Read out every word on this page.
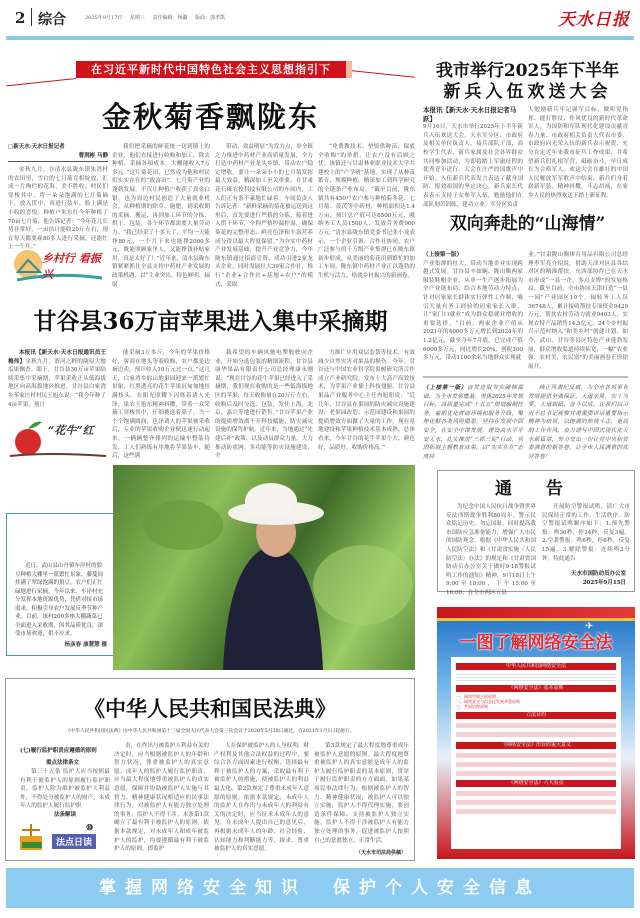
2 综合	2025年9月17日 星期三 责任编辑：杨疆 版面：郭孝凯	天水日报
在习近平新时代中国特色社会主义思想指引下
金秋菊香飘陇东
□新天水·天水日报记者
曹润彬 马静
金秋九月，在清水县陇东镇朱湾村的农田里，雪白的七月菊竞相绽放，汇成一片绚烂的花海，美不胜收。村民们穿梭其中，将一朵朵饱满的七月菊摘下，放入筐中，再进行装车。脸上满是丰收的喜悦。种植户朱东红今年种植了70亩七月菊，他告诉记者：“今年花儿长势非常好，一亩估计能收20斤左右，现在每天都要雇80多人进行采摘，还能忙上一个月。”
乡村行 看振兴
我们把采摘的鲜花统一送到镇上的企业，他们直接进行收购和加工，除去种植、采摘各项成本，大概能收入7万多元。”这片菊花田，已然成为他和村民们实实在在的“致富田”。七月菊产业的蓬勃发展，不仅让种植户收获了真金白银，也为周边村民创造了大量就业机会。从种植期的除草、施肥，到采收期的采摘、搬运，再到加工环节的分拣、烘干、包装，各个环节都需要大量劳动力。“我已经采了十多天了，平均一天能挣80元，一个月下来也能挣2000多元，既能照顾家里人，又能挣钱补贴家用，真是太好了！”近年来，清水县陇东镇紧紧抓住全县支持中药材产业发展的政策机遇，以“主业突出、特色鲜明、辐射
带动、效益明显”为发力点，举全镇之力推进中药材产业高质量发展，全力打造中药材产业龙头乡镇，带动农户稳定增收。要让一朵朵小小的七月菊发挥最大效益，精深加工至关重要。在甘肃花石缘农牧科技有限公司的车间内，工人们正有条不紊地忙碌着。车间负责人告诉记者：“新鲜采摘的菊花被运送到这里后，首先要进行严格的分拣，接着进入烘干环节，全程严格控温控湿，确保菊花的完整形态、鲜亮色泽和丰富营养成分得以最大程度保留。”为夯实中药材产业发展基础，提升产业竞争力，今年陇东镇通过招商引资，成功引进2家龙头企业，同时发展壮大39家合作社，推行“企业+合作社+基地+农户”的模式，采取
“免费教技术、垫资供种苗、保底全收购”的举措，让农户没有后顾之忧。该镇还与甘肃林业职业技术大学共建校上的“产学研”基地，实现了从种苗繁育、规模种植、精深加工到科学研究的全链条产业布局。“截至目前，陇东镇共有450户农户参与种植菊冬花、七月菊、黄芪等中药材，种植面积达1.4万亩，预计总产值可达6500万元，吸纳务工人员1500人，发放劳务费900万元。”清水县陇东镇党委书记张小龙表示，一个企业引领、合作社协同、农户广泛参与的千万级产业集群已在陇东镇初步形成。从美丽的菊花田到繁忙的加工车间，陇东镇中药材产业正以蓬勃的生机与活力，绘就乡村振兴的新画卷。
甘谷县36万亩苹果进入集中采摘期
本报讯【新天水·天水日报通讯员王梅伟】金秋九月，渭河之畔的陇原大地瓜果飘香。眼下，甘谷县36万亩苹果陆续采集中采摘期，苹果采收正从低海拔地区向高海拔地区推进。甘谷县白家湾乡苯家庄村村民王旭东说：“我今年种了4亩苹果，预计
“花牛”红
能采摘3万多斤，今年的苹果价格好，客商在地头等着收购，农户都是边摘边卖，预计收入10万元过一点。”这几天，白家湾乡的山地果园迎来一派繁忙景象，红黑透亮的花牛苹果沉甸甸地挂满枝头。在阳光照耀下闪烁着诱人光泽，果农王旭东精神抖擞，带着一众采摘工穿梭其中，仔细挑选着果子。当一个个饱满圆润、色泽诱人的苹果被采收后，专业的苹果收购企业便迅速行动起来，一辆辆整齐排列的运输车整装待发，工人们熟练有序地将苹果装车，随后，这些满
载希望的车辆风驰电掣般驶向企业，开始分选包装的精细流程。甘谷县康华果品有限责任公司总经理康永刚说：“现在甘谷的花牛苹果已经进入了采摘期，我们现在收购的是一些低海拔地区的苹果，每天收购量在20万斤左右，收购后及时分选、包装，发往上海、北京、嘉兴等地进行销售。”甘谷苹果产业的提质增效离不开科技赋能，防灾减灾设施的保驾护航。近年来，当地通过“先建后补”政策，以及动员群众力量，大力推动防雹网、多功能等防灾设施建设，全
力推广应用双层套袋等技术，有效减少自然灾害对果品的损伤。今年，甘谷还与中国农业科学院果树研究所合作成立产业研究院，发布十大高产高效技术，为苹果产业插上科技翅膀。甘谷县果品产业服务中心主任冉旭阳说：“近几年，甘谷县在果园的防灾减灾设施建设、老果园改造、示范园建设和果园的提质增效方面做了大量的工作，现在基地建设和苹果种植技术基本成熟，总体看来，今年甘谷的花牛苹果个大、颜色好，品质好，收购价格高。”
近日，武山县山丹镇车岸村的狼豆种植大棚里一派繁忙景象，藤蔓间挂满了翠绿饱满的狼豆，农户们正忙碌地进行采摘。今年以来，车岸村充分发挥本地资源优势，凭借对接市场需求，积极引导农户发展反季节种产业。目前，该村200多座大棚蔬菜已全面进入采收期，因其品质优良，深受市场欢迎，供不应求。
杨彦春 康慧慧 摄
《中华人民共和国民法典》
《中华人民共和国民法典》由中华人民共和国第十三届全国人民代表大会第三次会议于2020年5月28日通过，自2021年1月1日起施行。
(七)履行监护职责应遵循的原则
重点法律条文
第三十五条 监护人应当按照最有利于被监护人的原则履行监护职责。监护人除为维护被监护人利益外，不得处分被监护人的财产。未成年人的监护人履行监护职
法条解读
法点日读
⑩
责，在作出与被监护人利益有关的决定时，应当根据被监护人的年龄和智力状况，尊重被监护人的真实意愿。成年人的监护人履行监护职责，应当最大程度地尊重被监护人的真实意愿，保障并协助被监护人实施与其智力、精神健康状况相适应的民事法律行为。对被监护人有能力独立处理的事务，监护人不得干涉。本条第1款确立了最有利于被监护人的原则。依据本款规定，对未成年人和成年被监护人的监护，均要遵循最有利于被监护人的原则，即监护
人在保护被监护人的人身权利、财产权利及其他合法权益的过程中，要综合各方面因素进行权衡，选择最有利于被监护人的方案，采取最有利于被监护人的措施，使被监护人的利益最大化。第2款规定了尊重未成年人意愿的原则。依据本款规定，未成年人的监护人在作出与未成年人的利益有关的决定时，应当征求未成年人的意见，在未成年人提出自己的意见后，再根据未成年人的年龄、社会经验、认知能力和判断能力等，探求、尊重被监护人的真实意愿。
第3款规定了最大程度地尊重成年被监护人意愿的原则。最大程度地尊重被监护人的真实意愿是成年人的监护人履行监护职责的基本原则，贯穿于履行监护职责的方方面面。如果某项民事法律行为，根据被监护人的智力、精神健康状况，被监护人可以独立实施，监护人不得代理实施，要创造条件保障、支持被监护人独立实施。监护人不得干涉被监护人有能力独立处理的事务，促进被监护人按照自己的意愿独立、正常生活。
（天水市司法局供稿）
我市举行2025年下半年
新兵入伍欢送大会
本报讯【新天水·天水日报记者马跃】
9月16日，天水市举行2025年下半年新兵入伍欢送大会。天水军分区、市政府及相关单位负责人，接兵部队干部，高校学生代表，新兵家属及社会各界群众共同参加活动，为即将踏上军旅征程的优秀青年送行。大会在庄严的国歌声中开始。入伍新兵代表发言表达了献身国防、报效祖国的坚定决心。新兵家长代表表示支持子女参军入伍，勉励他们在部队刻苦训练、建功立业。军分区负责
人勉励新兵牢记强军目标，做听党指挥、能打胜仗、作风优良的新时代革命军人，为国防和军队现代化建设贡献青春力量。市政府相关负责人代表市委、市政府向光荣入伍的新兵表示祝贺，充分肯定近年来我市征兵工作成果，并希望新兵们扎根军营，砥砺奋斗，早日成长为合格军人。欢送大会在雄壮的中国人民解放军军歌声中结束。新兵们身着崭新军装，精神抖擞，斗志昂扬，在家乡人民的热烈欢送下踏上新征程。
双向奔赴的“山海情”
（上接第一版）
产业集群的壮大，带动当地企业实现跨越式发展。甘谷县辛如娴、陇山衡两家服装鞋帽企业，从单一生产逐步拓展为全产业链布局，结合本地劳动力特点，针对居家家长群体实行弹性工作制，吸引大量有务工经验的居家家长入职，让“家门口就业”成为群众稳就业增收的重要选择。“目前，两家企业产值从2021年的4000多万元增长到2024年的1.2亿元，截至今年7月底，已完成产值6000多万元，同比增长20%，创税300多万元，带动1100余名当地群众实现就
业。”甘肃陇山衡体育用品有限公司总经理李军亮介绍说。借助天津对区县各结对区的精准帮扶，东西部协作已在天水市形成“一县一企，多点支撑”的发展格局。截至目前，全市协同天津打造“一县一园”产业园区10个，辐转务工人员36748人，累计接收帮扶专项资金9429万元，帮扶农村劳动力就业9403人，实现农特产品销售14.5亿元，24个乡村振兴示范村纳入“和美乡村”创建计划。如今，武山、甘谷等县区特色产业蓬勃发展，群众增收渠道持续拓宽，一幅“农业强、农村美、农民富”的美丽画卷正徐徐展开。
（上接第一版）奋发进取夯实硬核基础，为全市发展奠基，勇挑2025年发展目标，高质量完成“十五五”规划编制任务，着眼优化营商环境和服务升级，聚焦化解各类风险隐患，坚持在发展中固安全，在安全中谋发展，建设高水平平安天水，扎实推进“三抓三促”行动，巩固拓展主题教育成果，以“实实在在”态度持
续正风肃纪反腐，为全市各项事业发展提供坚强保证。大道至简，实干为要。天道如砥，奋斗以成。让我们以习近平总书记视察甘肃重要讲话重要指示精神为统领，以饱满的热情斗志、更高的工作作风，奋力谱写中国式现代化天水新篇章，努力交出一份让党中央和省委满意的新答卷，让全市人民满意的优异答卷！
通 告
为纪念中国人民抗日战争暨世界反法西斯战争胜利80周年，警示民众铭记历史、勿忘国耻，同时提高我市国防应急准备能力，增强广大市民的国防观念，根据《中华人民共和国人民防空法》和《甘肃省实施〈人民防空法〉办法》的规定和《甘肃省国防动员办公室关于做好9·18警报试鸣工作的通知》精神，9月18日上午9:00至10:00，下午15:00至16:00，在全市两区五县
开展防空警报试鸣，请广大市民保持正常的工作、生活秩序。防空警报试鸣顺序如下：1.预先警报：鸣36秒，停24秒，反复3遍。2.空袭警报：鸣6秒，停6秒，反复15遍。3.解除警报：连续鸣3分钟。特此通告
天水市国防动员办公室
2025年9月15日
✈
一图了解网络安全法
中华人民共和国网络安全法
《网络安全法》基本原则
一、网络空间主权原则
二、网络安全与信息化发展并重原则
三、共同治理原则
立法目的
《网络安全法》出台的重大意义
《网络安全法》六大看点
掌握网络安全知识　保护个人安全信息
